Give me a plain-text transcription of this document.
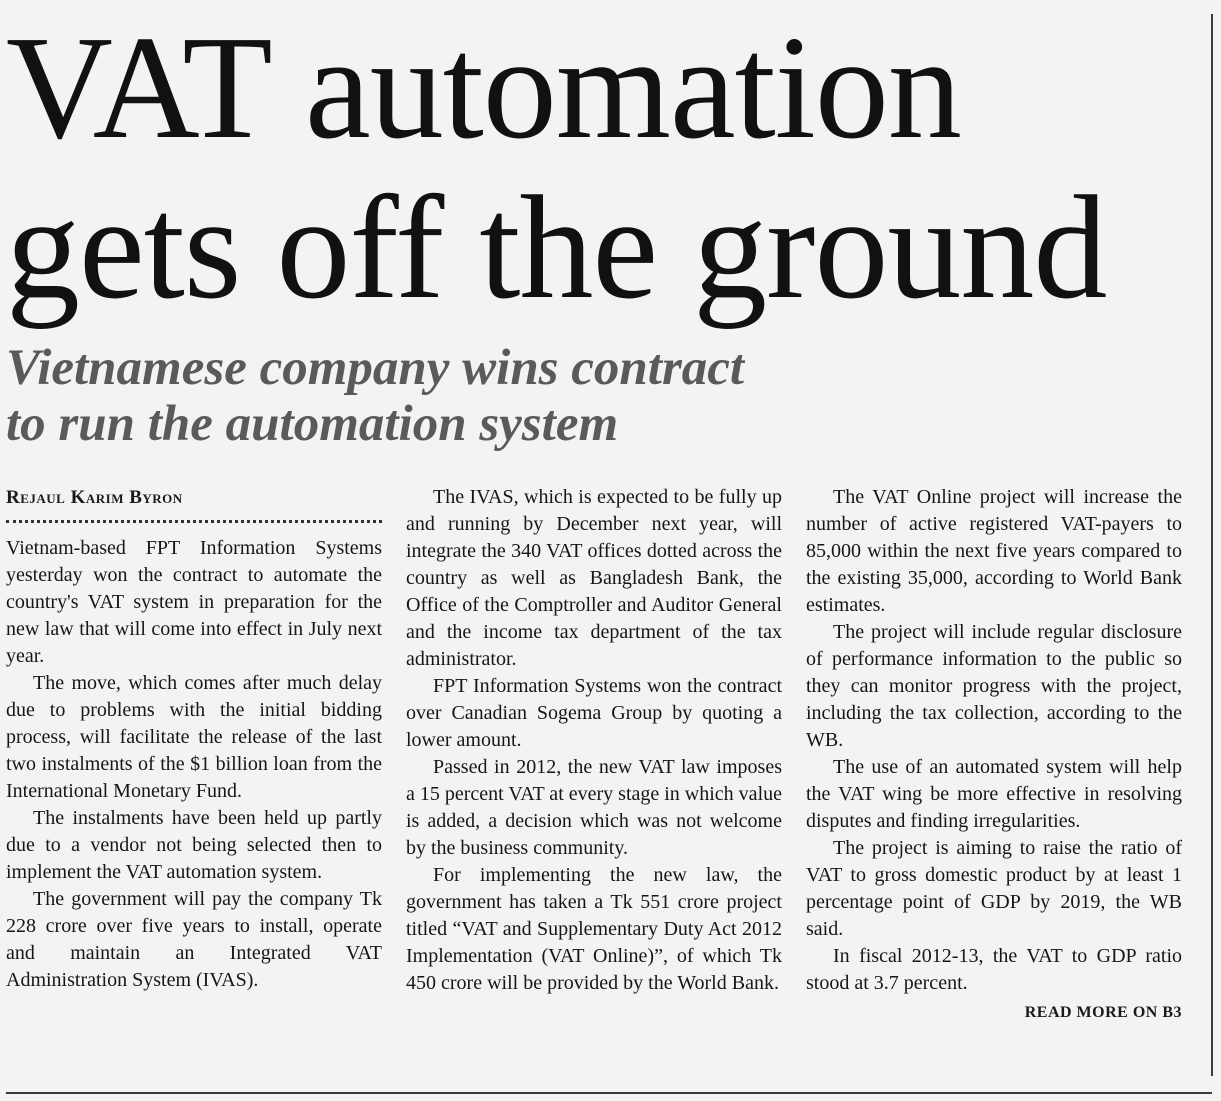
VAT automation
gets off the ground
Vietnamese company wins contract
to run the automation system
Rejaul Karim Byron

Vietnam-based FPT Information Systems yesterday won the contract to automate the country's VAT system in preparation for the new law that will come into effect in July next year.

The move, which comes after much delay due to problems with the initial bidding process, will facilitate the release of the last two instalments of the $1 billion loan from the International Monetary Fund.

The instalments have been held up partly due to a vendor not being selected then to implement the VAT automation system.

The government will pay the company Tk 228 crore over five years to install, operate and maintain an Integrated VAT Administration System (IVAS).

The IVAS, which is expected to be fully up and running by December next year, will integrate the 340 VAT offices dotted across the country as well as Bangladesh Bank, the Office of the Comptroller and Auditor General and the income tax department of the tax administrator.

FPT Information Systems won the contract over Canadian Sogema Group by quoting a lower amount.

Passed in 2012, the new VAT law imposes a 15 percent VAT at every stage in which value is added, a decision which was not welcome by the business community.

For implementing the new law, the government has taken a Tk 551 crore project titled “VAT and Supplementary Duty Act 2012 Implementation (VAT Online)”, of which Tk 450 crore will be provided by the World Bank.

The VAT Online project will increase the number of active registered VAT-payers to 85,000 within the next five years compared to the existing 35,000, according to World Bank estimates.

The project will include regular disclosure of performance information to the public so they can monitor progress with the project, including the tax collection, according to the WB.

The use of an automated system will help the VAT wing be more effective in resolving disputes and finding irregularities.

The project is aiming to raise the ratio of VAT to gross domestic product by at least 1 percentage point of GDP by 2019, the WB said.

In fiscal 2012-13, the VAT to GDP ratio stood at 3.7 percent.

READ MORE ON B3
